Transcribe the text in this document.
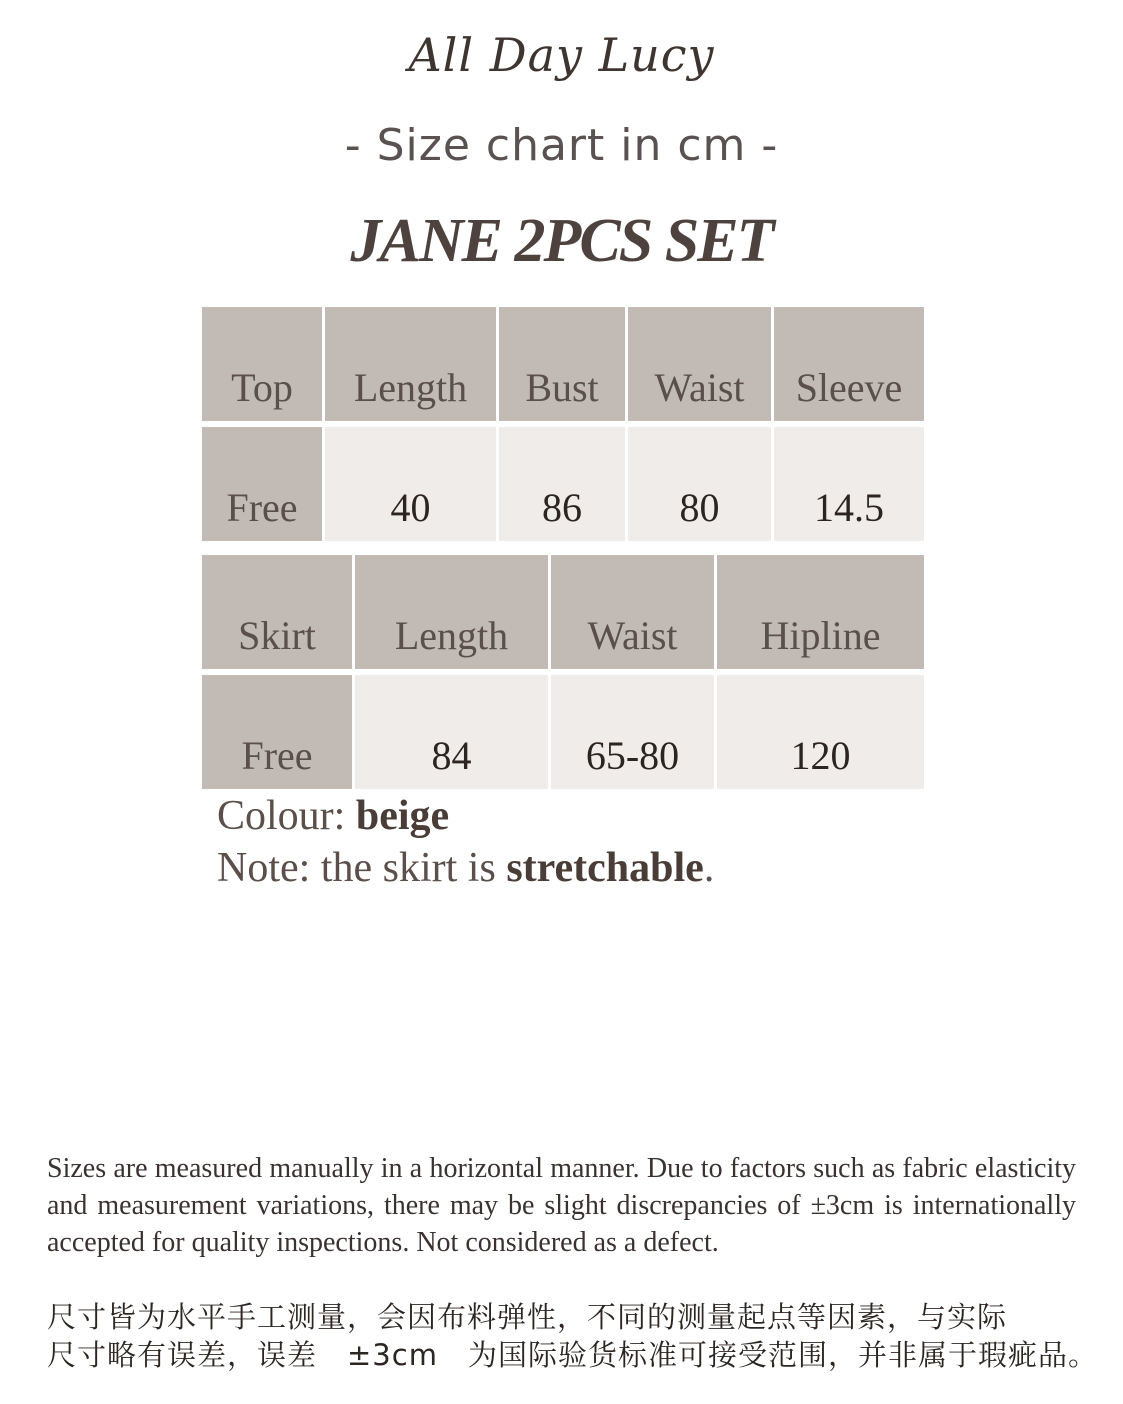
All Day Lucy
- Size chart in cm -
JANE 2PCS SET
Top	Length	Bust	Waist	Sleeve

Free	40	86	80	14.5
Skirt	Length	Waist	Hipline

Free	84	65-80	120
Colour: beige
Note: the skirt is stretchable.
Sizes are measured manually in a horizontal manner. Due to factors such as fabric elasticity and measurement variations, there may be slight discrepancies of ±3cm is internationally accepted for quality inspections. Not considered as a defect.
尺寸皆为水平手工测量，会因布料弹性，不同的测量起点等因素，与实际
尺寸略有误差，误差　±3cm　为国际验货标准可接受范围，并非属于瑕疵品。
